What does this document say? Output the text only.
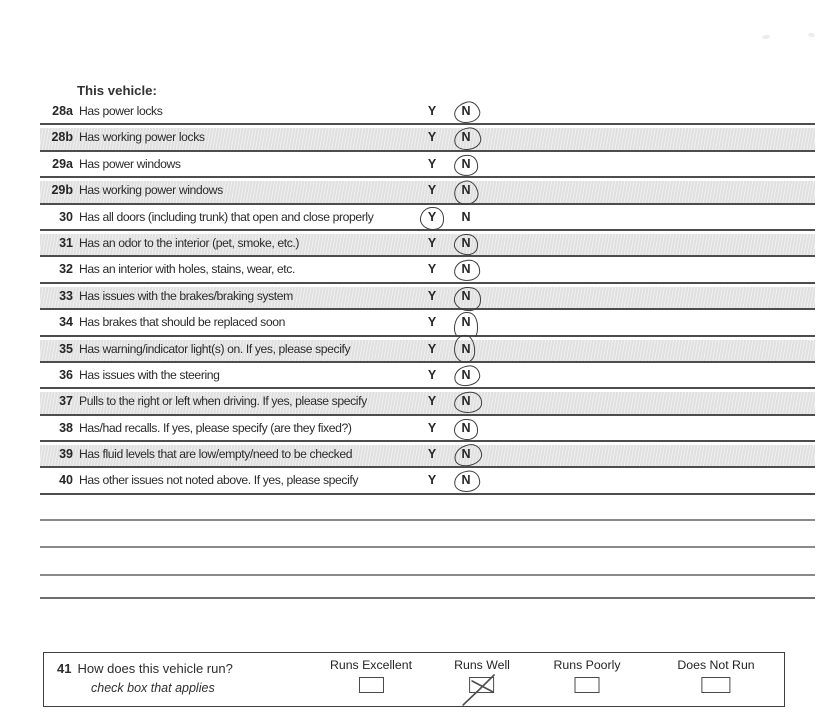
This vehicle:
28a Has power locks	Y	N
28b Has working power locks	Y	N
29a Has power windows	Y	N
29b Has working power windows	Y	N
30 Has all doors (including trunk) that open and close properly	Y	N
31 Has an odor to the interior (pet, smoke, etc.)	Y	N
32 Has an interior with holes, stains, wear, etc.	Y	N
33 Has issues with the brakes/braking system	Y	N
34 Has brakes that should be replaced soon	Y	N
35 Has warning/indicator light(s) on. If yes, please specify	Y	N
36 Has issues with the steering	Y	N
37 Pulls to the right or left when driving. If yes, please specify	Y	N
38 Has/had recalls. If yes, please specify (are they fixed?)	Y	N
39 Has fluid levels that are low/empty/need to be checked	Y	N
40 Has other issues not noted above. If yes, please specify	Y	N
41 How does this vehicle run?
check box that applies
Runs Excellent	Runs Well	Runs Poorly	Does Not Run
